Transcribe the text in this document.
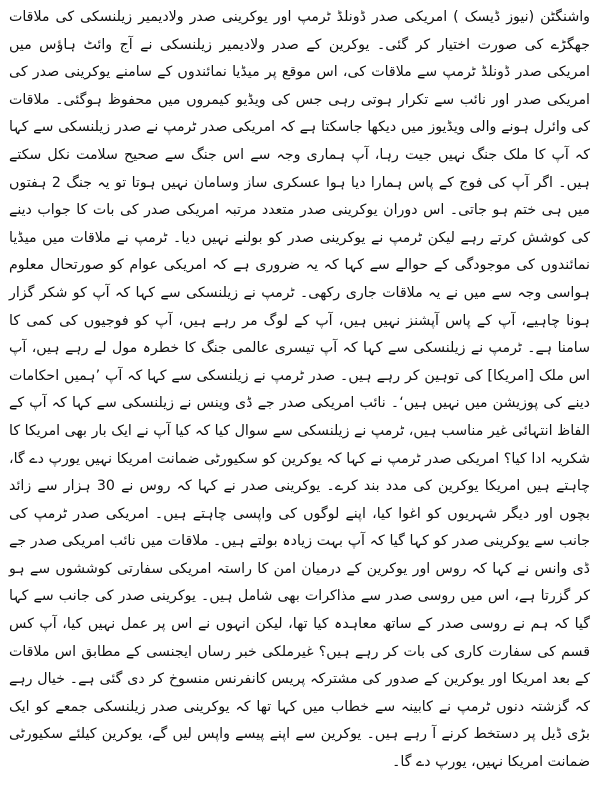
واشنگٹن (نیوز ڈیسک ) امریکی صدر ڈونلڈ ٹرمپ اور یوکرینی صدر ولادیمیر زیلنسکی کی ملاقات جھگڑے کی صورت اختیار کر گئی۔ یوکرین کے صدر ولادیمیر زیلنسکی نے آج وائٹ ہاؤس میں امریکی صدر ڈونلڈ ٹرمپ سے ملاقات کی، اس موقع پر میڈیا نمائندوں کے سامنے یوکرینی صدر کی امریکی صدر اور نائب سے تکرار ہوتی رہی جس کی ویڈیو کیمروں میں محفوظ ہوگئی۔ ملاقات کی وائرل ہونے والی ویڈیوز میں دیکھا جاسکتا ہے کہ امریکی صدر ٹرمپ نے صدر زیلنسکی سے کہا کہ آپ کا ملک جنگ نہیں جیت رہا، آپ ہماری وجہ سے اس جنگ سے صحیح سلامت نکل سکتے ہیں۔ اگر آپ کی فوج کے پاس ہمارا دیا ہوا عسکری ساز وسامان نہیں ہوتا تو یہ جنگ 2 ہفتوں میں ہی ختم ہو جاتی۔ اس دوران یوکرینی صدر متعدد مرتبہ امریکی صدر کی بات کا جواب دینے کی کوشش کرتے رہے لیکن ٹرمپ نے یوکرینی صدر کو بولنے نہیں دیا۔ ٹرمپ نے ملاقات میں میڈیا نمائندوں کی موجودگی کے حوالے سے کہا کہ یہ ضروری ہے کہ امریکی عوام کو صورتحال معلوم ہواسی وجہ سے میں نے یہ ملاقات جاری رکھی۔ ٹرمپ نے زیلنسکی سے کہا کہ آپ کو شکر گزار ہونا چاہیے، آپ کے پاس آپشنز نہیں ہیں، آپ کے لوگ مر رہے ہیں، آپ کو فوجیوں کی کمی کا سامنا ہے۔ ٹرمپ نے زیلنسکی سے کہا کہ آپ تیسری عالمی جنگ کا خطرہ مول لے رہے ہیں، آپ اس ملک [امریکا] کی توہین کر رہے ہیں۔ صدر ٹرمپ نے زیلنسکی سے کہا کہ آپ ’ہمیں احکامات دینے کی پوزیشن میں نہیں ہیں‘۔ نائب امریکی صدر جے ڈی وینس نے زیلنسکی سے کہا کہ آپ کے الفاظ انتہائی غیر مناسب ہیں، ٹرمپ نے زیلنسکی سے سوال کیا کہ کیا آپ نے ایک بار بھی امریکا کا شکریہ ادا کیا؟ امریکی صدر ٹرمپ نے کہا کہ یوکرین کو سکیورٹی ضمانت امریکا نہیں یورپ دے گا، چاہتے ہیں امریکا یوکرین کی مدد بند کرے۔ یوکرینی صدر نے کہا کہ روس نے 30 ہزار سے زائد بچوں اور دیگر شہریوں کو اغوا کیا، اپنے لوگوں کی واپسی چاہتے ہیں۔ امریکی صدر ٹرمپ کی جانب سے یوکرینی صدر کو کہا گیا کہ آپ بہت زیادہ بولتے ہیں۔ ملاقات میں نائب امریکی صدر جے ڈی وانس نے کہا کہ روس اور یوکرین کے درمیان امن کا راستہ امریکی سفارتی کوششوں سے ہو کر گزرتا ہے، اس میں روسی صدر سے مذاکرات بھی شامل ہیں۔ یوکرینی صدر کی جانب سے کہا گیا کہ ہم نے روسی صدر کے ساتھ معاہدہ کیا تھا، لیکن انہوں نے اس پر عمل نہیں کیا، آپ کس قسم کی سفارت کاری کی بات کر رہے ہیں؟ غیرملکی خبر رساں ایجنسی کے مطابق اس ملاقات کے بعد امریکا اور یوکرین کے صدور کی مشترکہ پریس کانفرنس منسوخ کر دی گئی ہے۔ خیال رہے کہ گزشتہ دنوں ٹرمپ نے کابینہ سے خطاب میں کہا تھا کہ یوکرینی صدر زیلنسکی جمعے کو ایک بڑی ڈیل پر دستخط کرنے آ رہے ہیں۔ یوکرین سے اپنے پیسے واپس لیں گے، یوکرین کیلئے سکیورٹی ضمانت امریکا نہیں، یورپ دے گا۔
